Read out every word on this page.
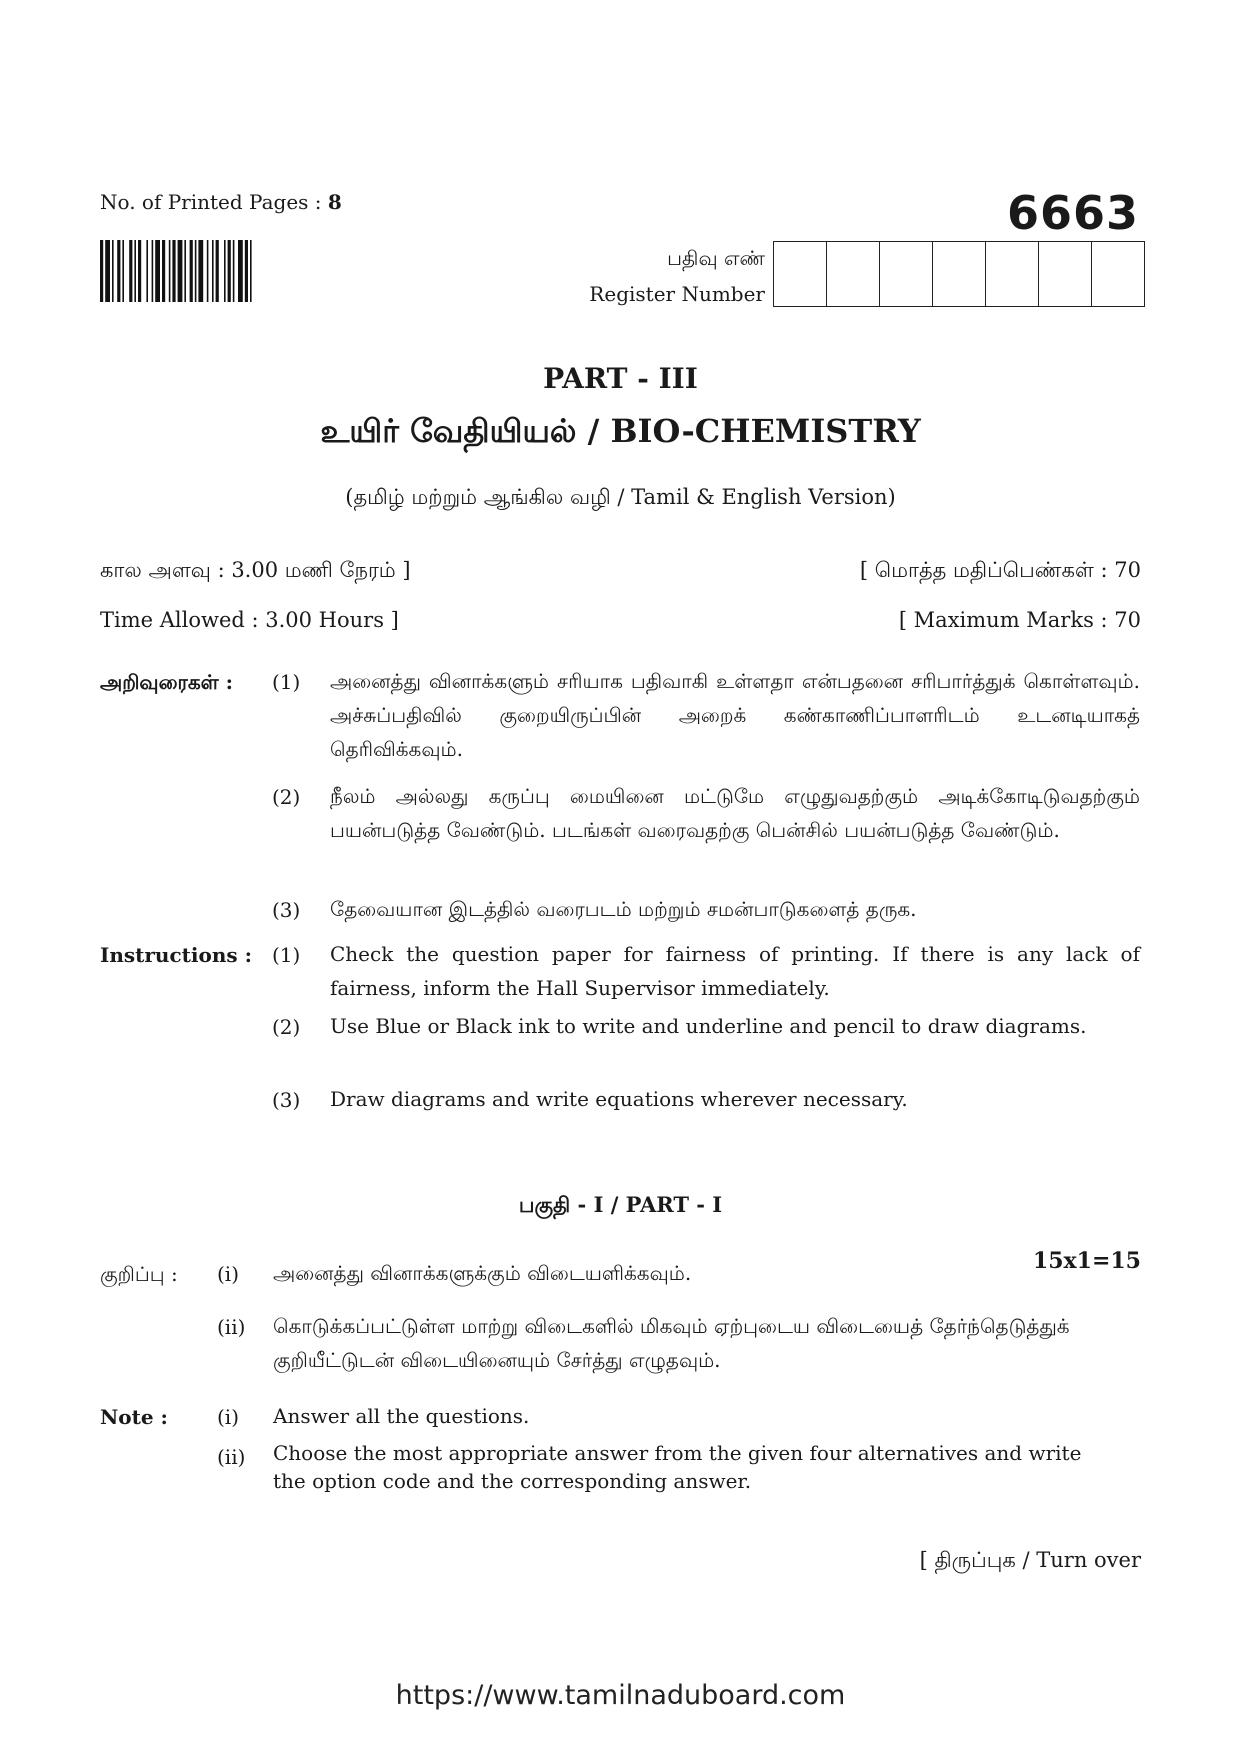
No. of Printed Pages : 8	6663
பதிவு எண்
Register Number
PART - III
உயிர் வேதியியல் / BIO-CHEMISTRY
(தமிழ் மற்றும் ஆங்கில வழி / Tamil & English Version)
கால அளவு : 3.00 மணி நேரம் ]	[ மொத்த மதிப்பெண்கள் : 70
Time Allowed : 3.00 Hours ]	[ Maximum Marks : 70
அறிவுரைகள் : (1) அனைத்து வினாக்களும் சரியாக பதிவாகி உள்ளதா என்பதனை சரிபார்த்துக் கொள்ளவும். அச்சுப்பதிவில் குறையிருப்பின் அறைக் கண்காணிப்பாளரிடம் உடனடியாகத் தெரிவிக்கவும்.
(2) நீலம் அல்லது கருப்பு மையினை மட்டுமே எழுதுவதற்கும் அடிக்கோடிடுவதற்கும் பயன்படுத்த வேண்டும். படங்கள் வரைவதற்கு பென்சில் பயன்படுத்த வேண்டும்.
(3) தேவையான இடத்தில் வரைபடம் மற்றும் சமன்பாடுகளைத் தருக.
Instructions : (1) Check the question paper for fairness of printing. If there is any lack of fairness, inform the Hall Supervisor immediately.
(2) Use Blue or Black ink to write and underline and pencil to draw diagrams.
(3) Draw diagrams and write equations wherever necessary.
பகுதி - I / PART - I
15x1=15
குறிப்பு : (i) அனைத்து வினாக்களுக்கும் விடையளிக்கவும்.
(ii) கொடுக்கப்பட்டுள்ள மாற்று விடைகளில் மிகவும் ஏற்புடைய விடையைத் தேர்ந்தெடுத்துக் குறியீட்டுடன் விடையினையும் சேர்த்து எழுதவும்.
Note : (i) Answer all the questions.
(ii) Choose the most appropriate answer from the given four alternatives and write the option code and the corresponding answer.
[ திருப்புக / Turn over
https://www.tamilnaduboard.com
